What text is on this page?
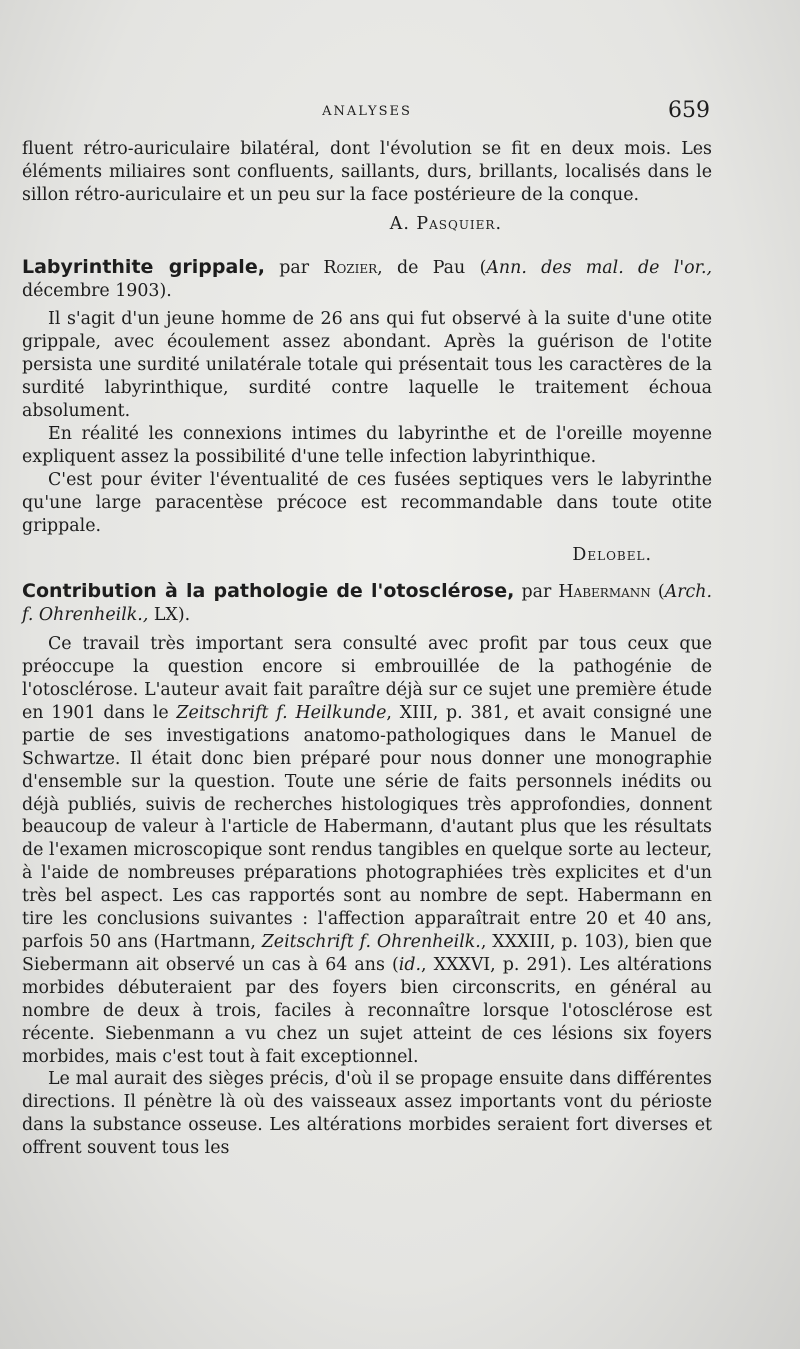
ANALYSES	659

fluent rétro-auriculaire bilatéral, dont l'évolution se fit en deux mois. Les éléments miliaires sont confluents, saillants, durs, brillants, localisés dans le sillon rétro-auriculaire et un peu sur la face postérieure de la conque.

A. Pasquier.

Labyrinthite grippale, par Rozier, de Pau (Ann. des mal. de l'or., décembre 1903).

Il s'agit d'un jeune homme de 26 ans qui fut observé à la suite d'une otite grippale, avec écoulement assez abondant. Après la guérison de l'otite persista une surdité unilatérale totale qui présentait tous les caractères de la surdité labyrinthique, surdité contre laquelle le traitement échoua absolument.

En réalité les connexions intimes du labyrinthe et de l'oreille moyenne expliquent assez la possibilité d'une telle infection labyrinthique.

C'est pour éviter l'éventualité de ces fusées septiques vers le labyrinthe qu'une large paracentèse précoce est recommandable dans toute otite grippale.

Delobel.

Contribution à la pathologie de l'otosclérose, par Habermann (Arch. f. Ohrenheilk., LX).

Ce travail très important sera consulté avec profit par tous ceux que préoccupe la question encore si embrouillée de la pathogénie de l'otosclérose. L'auteur avait fait paraître déjà sur ce sujet une première étude en 1901 dans le Zeitschrift f. Heilkunde, XIII, p. 381, et avait consigné une partie de ses investigations anatomo-pathologiques dans le Manuel de Schwartze. Il était donc bien préparé pour nous donner une monographie d'ensemble sur la question. Toute une série de faits personnels inédits ou déjà publiés, suivis de recherches histologiques très approfondies, donnent beaucoup de valeur à l'article de Habermann, d'autant plus que les résultats de l'examen microscopique sont rendus tangibles en quelque sorte au lecteur, à l'aide de nombreuses préparations photographiées très explicites et d'un très bel aspect. Les cas rapportés sont au nombre de sept. Habermann en tire les conclusions suivantes : l'affection apparaîtrait entre 20 et 40 ans, parfois 50 ans (Hartmann, Zeitschrift f. Ohrenheilk., XXXIII, p. 103), bien que Siebermann ait observé un cas à 64 ans (id., XXXVI, p. 291). Les altérations morbides débuteraient par des foyers bien circonscrits, en général au nombre de deux à trois, faciles à reconnaître lorsque l'otosclérose est récente. Siebenmann a vu chez un sujet atteint de ces lésions six foyers morbides, mais c'est tout à fait exceptionnel.

Le mal aurait des sièges précis, d'où il se propage ensuite dans différentes directions. Il pénètre là où des vaisseaux assez importants vont du périoste dans la substance osseuse. Les altérations morbides seraient fort diverses et offrent souvent tous les
